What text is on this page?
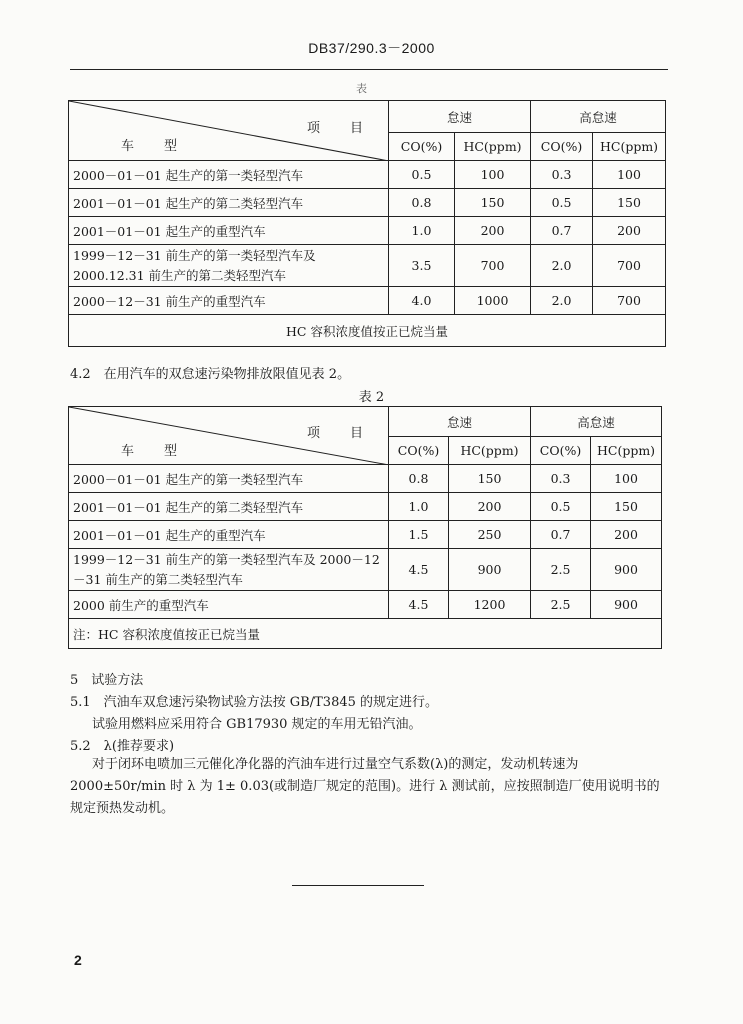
DB37/290.3－2000
表
项目
车型	怠速		高怠速	
	CO(%)	HC(ppm)	CO(%)	HC(ppm)
2000－01－01 起生产的第一类轻型汽车	0.5	100	0.3	100
2001－01－01 起生产的第二类轻型汽车	0.8	150	0.5	150
2001－01－01 起生产的重型汽车	1.0	200	0.7	200
1999－12－31 前生产的第一类轻型汽车及 2000.12.31 前生产的第二类轻型汽车	3.5	700	2.0	700
2000－12－31 前生产的重型汽车	4.0	1000	2.0	700
HC 容积浓度值按正已烷当量				
4.2　在用汽车的双怠速污染物排放限值见表 2。
表 2
项目
车型	怠速		高怠速	
	CO(%)	HC(ppm)	CO(%)	HC(ppm)
2000－01－01 起生产的第一类轻型汽车	0.8	150	0.3	100
2001－01－01 起生产的第二类轻型汽车	1.0	200	0.5	150
2001－01－01 起生产的重型汽车	1.5	250	0.7	200
1999－12－31 前生产的第一类轻型汽车及 2000－12－31 前生产的第二类轻型汽车	4.5	900	2.5	900
2000 前生产的重型汽车	4.5	1200	2.5	900
注：HC 容积浓度值按正已烷当量				
5　试验方法
5.1　汽油车双怠速污染物试验方法按 GB/T3845 的规定进行。
试验用燃料应采用符合 GB17930 规定的车用无铅汽油。
5.2　λ(推荐要求)
对于闭环电喷加三元催化净化器的汽油车进行过量空气系数(λ)的测定，发动机转速为 2000±50r/min 时 λ 为 1± 0.03(或制造厂规定的范围)。进行 λ 测试前，应按照制造厂使用说明书的规定预热发动机。
2
